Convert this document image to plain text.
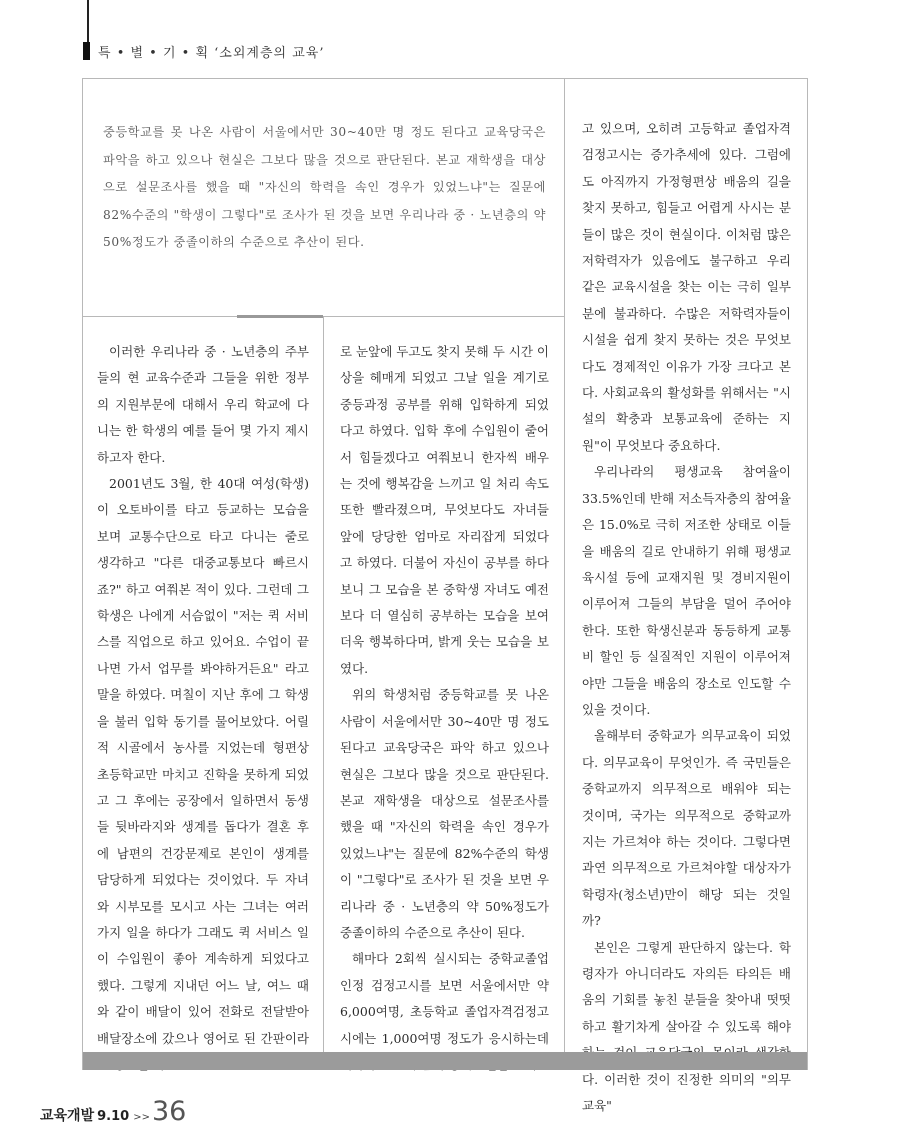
특 • 별 • 기 • 획 ‘소외계층의 교육’

중등학교를 못 나온 사람이 서울에서만 30~40만 명 정도 된다고 교육당국은 파악을 하고 있으나 현실은 그보다 많을 것으로 판단된다. 본교 재학생을 대상으로 설문조사를 했을 때 "자신의 학력을 속인 경우가 있었느냐"는 질문에 82%수준의 "학생이 그렇다"로 조사가 된 것을 보면 우리나라 중 · 노년층의 약 50%정도가 중졸이하의 수준으로 추산이 된다.

이러한 우리나라 중 · 노년층의 주부들의 현 교육수준과 그들을 위한 정부의 지원부문에 대해서 우리 학교에 다니는 한 학생의 예를 들어 몇 가지 제시하고자 한다.

2001년도 3월, 한 40대 여성(학생)이 오토바이를 타고 등교하는 모습을 보며 교통수단으로 타고 다니는 줄로 생각하고 "다른 대중교통보다 빠르시죠?" 하고 여쭤본 적이 있다. 그런데 그 학생은 나에게 서슴없이 "저는 퀵 서비스를 직업으로 하고 있어요. 수업이 끝나면 가서 업무를 봐야하거든요" 라고 말을 하였다. 며칠이 지난 후에 그 학생을 불러 입학 동기를 물어보았다. 어릴 적 시골에서 농사를 지었는데 형편상 초등학교만 마치고 진학을 못하게 되었고 그 후에는 공장에서 일하면서 동생들 뒷바라지와 생계를 돕다가 결혼 후에 남편의 건강문제로 본인이 생계를 담당하게 되었다는 것이었다. 두 자녀와 시부모를 모시고 사는 그녀는 여러 가지 일을 하다가 그래도 퀵 서비스 일이 수입원이 좋아 계속하게 되었다고 했다. 그렇게 지내던 어느 날, 여느 때와 같이 배달이 있어 전화로 전달받아 배달장소에 갔으나 영어로 된 간판이라

로 눈앞에 두고도 찾지 못해 두 시간 이상을 헤매게 되었고 그날 일을 계기로 중등과정 공부를 위해 입학하게 되었다고 하였다. 입학 후에 수입원이 줄어서 힘들겠다고 여쭤보니 한자씩 배우는 것에 행복감을 느끼고 일 처리 속도 또한 빨라졌으며, 무엇보다도 자녀들 앞에 당당한 엄마로 자리잡게 되었다고 하였다. 더불어 자신이 공부를 하다보니 그 모습을 본 중학생 자녀도 예전보다 더 열심히 공부하는 모습을 보여 더욱 행복하다며, 밝게 웃는 모습을 보였다.

위의 학생처럼 중등학교를 못 나온 사람이 서울에서만 30~40만 명 정도 된다고 교육당국은 파악 하고 있으나 현실은 그보다 많을 것으로 판단된다. 본교 재학생을 대상으로 설문조사를 했을 때 "자신의 학력을 속인 경우가 있었느냐"는 질문에 82%수준의 학생이 "그렇다"로 조사가 된 것을 보면 우리나라 중 · 노년층의 약 50%정도가 중졸이하의 수준으로 추산이 된다.

해마다 2회씩 실시되는 중학교졸업인정 검정고시를 보면 서울에서만 약 6,000여명, 초등학교 졸업자격검정고시에는 1,000여명 정도가 응시하는데

고 있으며, 오히려 고등학교 졸업자격 검정고시는 증가추세에 있다. 그럼에도 아직까지 가정형편상 배움의 길을 찾지 못하고, 힘들고 어렵게 사시는 분들이 많은 것이 현실이다. 이처럼 많은 저학력자가 있음에도 불구하고 우리 같은 교육시설을 찾는 이는 극히 일부분에 불과하다. 수많은 저학력자들이 시설을 쉽게 찾지 못하는 것은 무엇보다도 경제적인 이유가 가장 크다고 본다. 사회교육의 활성화를 위해서는 "시설의 확충과 보통교육에 준하는 지원"이 무엇보다 중요하다.

우리나라의 평생교육 참여율이 33.5%인데 반해 저소득자층의 참여율은 15.0%로 극히 저조한 상태로 이들을 배움의 길로 안내하기 위해 평생교육시설 등에 교재지원 및 경비지원이 이루어져 그들의 부담을 덜어 주어야 한다. 또한 학생신분과 동등하게 교통비 할인 등 실질적인 지원이 이루어져야만 그들을 배움의 장소로 인도할 수 있을 것이다.

올해부터 중학교가 의무교육이 되었다. 의무교육이 무엇인가. 즉 국민들은 중학교까지 의무적으로 배워야 되는 것이며, 국가는 의무적으로 중학교까지는 가르쳐야 하는 것이다. 그렇다면 과연 의무적으로 가르쳐야할 대상자가 학령자(청소년)만이 해당 되는 것일까?

본인은 그렇게 판단하지 않는다. 학령자가 아니더라도 자의든 타의든 배움의 기회를 놓친 분들을 찾아내 떳떳하고 활기차게 살아갈 수 있도록 해야 다. 이러한 것이 진정한 의미의 "의무교육"

교육개발 9.10 >> 36
